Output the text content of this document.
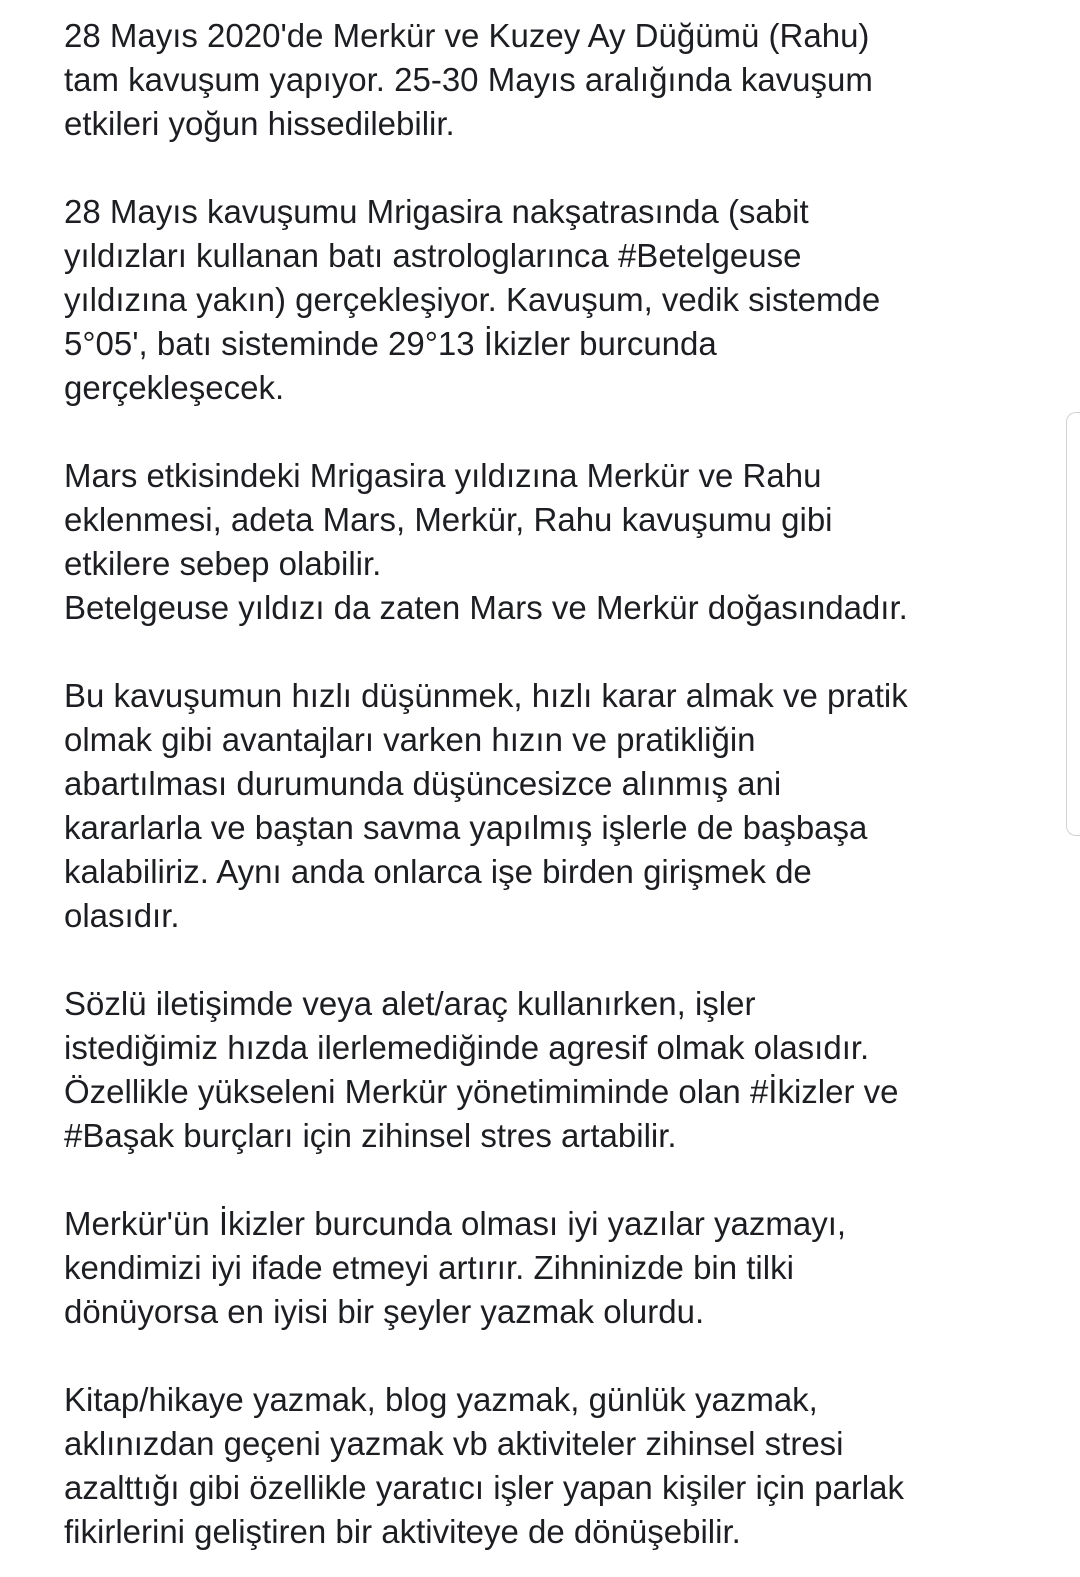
28 Mayıs 2020'de Merkür ve Kuzey Ay Düğümü (Rahu)
tam kavuşum yapıyor. 25-30 Mayıs aralığında kavuşum
etkileri yoğun hissedilebilir.
28 Mayıs kavuşumu Mrigasira nakşatrasında (sabit
yıldızları kullanan batı astrologlarınca #Betelgeuse
yıldızına yakın) gerçekleşiyor. Kavuşum, vedik sistemde
5°05', batı sisteminde 29°13 İkizler burcunda
gerçekleşecek.
Mars etkisindeki Mrigasira yıldızına Merkür ve Rahu
eklenmesi, adeta Mars, Merkür, Rahu kavuşumu gibi
etkilere sebep olabilir.
Betelgeuse yıldızı da zaten Mars ve Merkür doğasındadır.
Bu kavuşumun hızlı düşünmek, hızlı karar almak ve pratik
olmak gibi avantajları varken hızın ve pratikliğin
abartılması durumunda düşüncesizce alınmış ani
kararlarla ve baştan savma yapılmış işlerle de başbaşa
kalabiliriz. Aynı anda onlarca işe birden girişmek de
olasıdır.
Sözlü iletişimde veya alet/araç kullanırken, işler
istediğimiz hızda ilerlemediğinde agresif olmak olasıdır.
Özellikle yükseleni Merkür yönetimiminde olan #İkizler ve
#Başak burçları için zihinsel stres artabilir.
Merkür'ün İkizler burcunda olması iyi yazılar yazmayı,
kendimizi iyi ifade etmeyi artırır. Zihninizde bin tilki
dönüyorsa en iyisi bir şeyler yazmak olurdu.
Kitap/hikaye yazmak, blog yazmak, günlük yazmak,
aklınızdan geçeni yazmak vb aktiviteler zihinsel stresi
azalttığı gibi özellikle yaratıcı işler yapan kişiler için parlak
fikirlerini geliştiren bir aktiviteye de dönüşebilir.
